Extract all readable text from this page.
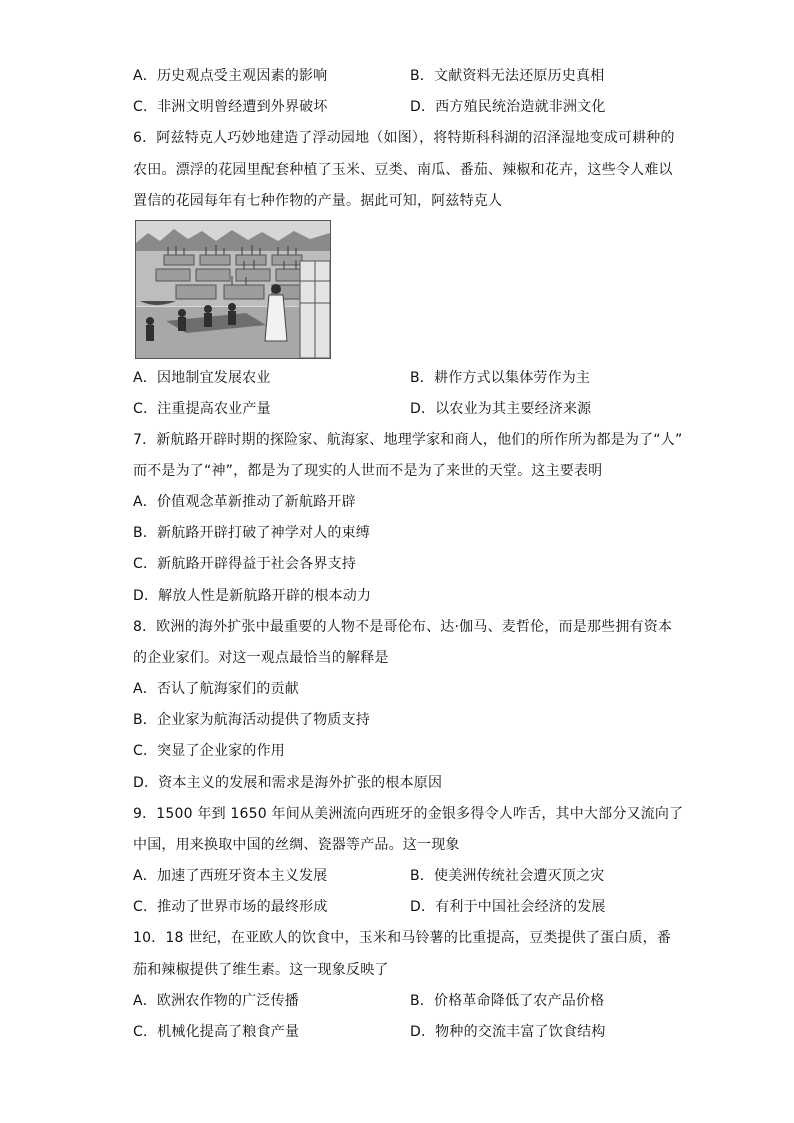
A．历史观点受主观因素的影响	B．文献资料无法还原历史真相
C．非洲文明曾经遭到外界破坏	D．西方殖民统治造就非洲文化
6．阿兹特克人巧妙地建造了浮动园地（如图），将特斯科科湖的沼泽湿地变成可耕种的
农田。漂浮的花园里配套种植了玉米、豆类、南瓜、番茄、辣椒和花卉，这些令人难以
置信的花园每年有七种作物的产量。据此可知，阿兹特克人
A．因地制宜发展农业	B．耕作方式以集体劳作为主
C．注重提高农业产量	D．以农业为其主要经济来源
7．新航路开辟时期的探险家、航海家、地理学家和商人，他们的所作所为都是为了“人”
而不是为了“神”，都是为了现实的人世而不是为了来世的天堂。这主要表明
A．价值观念革新推动了新航路开辟
B．新航路开辟打破了神学对人的束缚
C．新航路开辟得益于社会各界支持
D．解放人性是新航路开辟的根本动力
8．欧洲的海外扩张中最重要的人物不是哥伦布、达·伽马、麦哲伦，而是那些拥有资本
的企业家们。对这一观点最恰当的解释是
A．否认了航海家们的贡献
B．企业家为航海活动提供了物质支持
C．突显了企业家的作用
D．资本主义的发展和需求是海外扩张的根本原因
9．1500 年到 1650 年间从美洲流向西班牙的金银多得令人咋舌，其中大部分又流向了
中国，用来换取中国的丝绸、瓷器等产品。这一现象
A．加速了西班牙资本主义发展	B．使美洲传统社会遭灭顶之灾
C．推动了世界市场的最终形成	D．有利于中国社会经济的发展
10．18 世纪，在亚欧人的饮食中，玉米和马铃薯的比重提高，豆类提供了蛋白质，番
茄和辣椒提供了维生素。这一现象反映了
A．欧洲农作物的广泛传播	B．价格革命降低了农产品价格
C．机械化提高了粮食产量	D．物种的交流丰富了饮食结构
